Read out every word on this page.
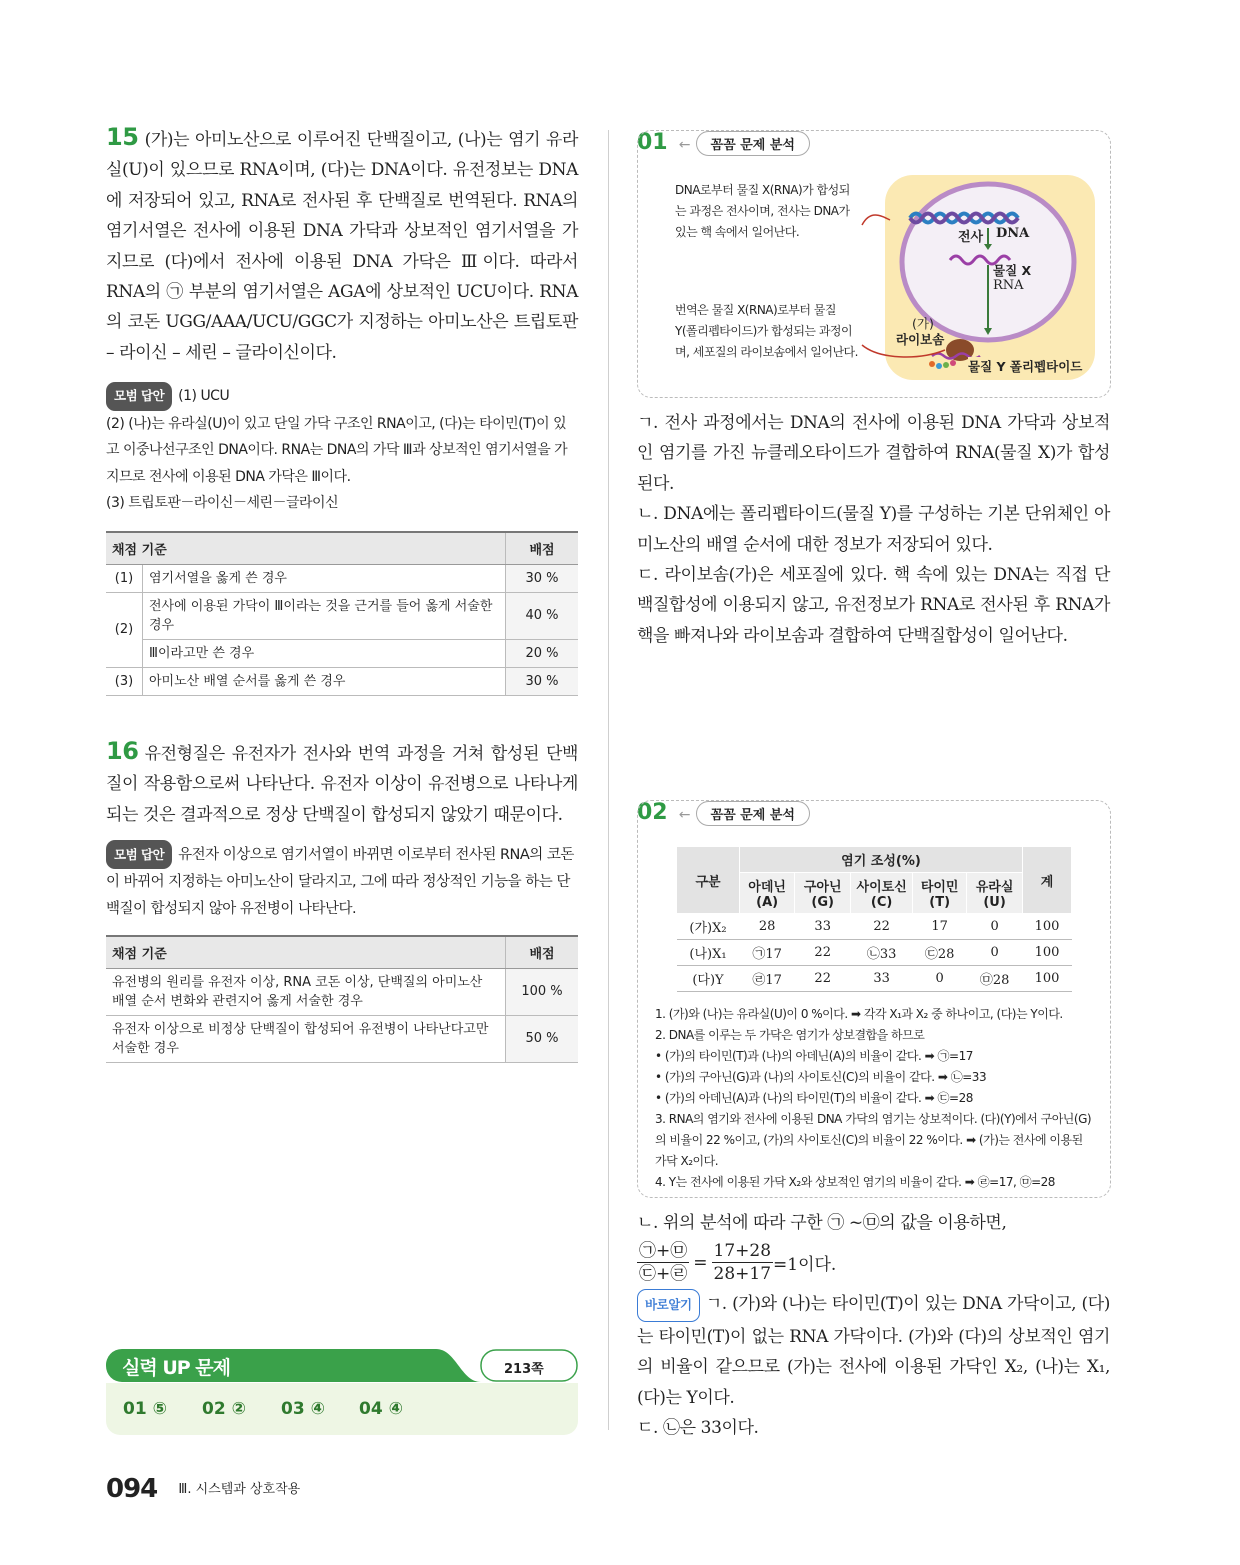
15 (가)는 아미노산으로 이루어진 단백질이고, (나)는 염기 유라실(U)이 있으므로 RNA이며, (다)는 DNA이다. 유전정보는 DNA에 저장되어 있고, RNA로 전사된 후 단백질로 번역된다. RNA의 염기서열은 전사에 이용된 DNA 가닥과 상보적인 염기서열을 가지므로 (다)에서 전사에 이용된 DNA 가닥은 Ⅲ이다. 따라서 RNA의 ㉠ 부분의 염기서열은 AGA에 상보적인 UCU이다. RNA의 코돈 UGG/AAA/UCU/GGC가 지정하는 아미노산은 트립토판 – 라이신 – 세린 – 글라이신이다.

모범 답안 (1) UCU

(2) (나)는 유라실(U)이 있고 단일 가닥 구조인 RNA이고, (다)는 타이민(T)이 있고 이중나선구조인 DNA이다. RNA는 DNA의 가닥 Ⅲ과 상보적인 염기서열을 가지므로 전사에 이용된 DNA 가닥은 Ⅲ이다.

(3) 트립토판－라이신－세린－글라이신

채점 기준		배점
(1)	염기서열을 옳게 쓴 경우	30 %
(2)	전사에 이용된 가닥이 Ⅲ이라는 것을 근거를 들어 옳게 서술한 경우	40 %
	Ⅲ이라고만 쓴 경우	20 %
(3)	아미노산 배열 순서를 옳게 쓴 경우	30 %

16 유전형질은 유전자가 전사와 번역 과정을 거쳐 합성된 단백질이 작용함으로써 나타난다. 유전자 이상이 유전병으로 나타나게 되는 것은 결과적으로 정상 단백질이 합성되지 않았기 때문이다.

모범 답안 유전자 이상으로 염기서열이 바뀌면 이로부터 전사된 RNA의 코돈이 바뀌어 지정하는 아미노산이 달라지고, 그에 따라 정상적인 기능을 하는 단백질이 합성되지 않아 유전병이 나타난다.

채점 기준	배점
유전병의 원리를 유전자 이상, RNA 코돈 이상, 단백질의 아미노산 배열 순서 변화와 관련지어 옳게 서술한 경우	100 %
유전자 이상으로 비정상 단백질이 합성되어 유전병이 나타난다고만 서술한 경우	50 %
실력 UP 문제	213쪽
01 ⑤ 02 ② 03 ④ 04 ④
01 ← 꼼꼼 문제 분석

DNA로부터 물질 X(RNA)가 합성되는 과정은 전사이며, 전사는 DNA가 있는 핵 속에서 일어난다.

번역은 물질 X(RNA)로부터 물질 Y(폴리펩타이드)가 합성되는 과정이며, 세포질의 라이보솜에서 일어난다.

전사 DNA
물질 X
RNA
(가)
라이보솜
물질 Y 폴리펩타이드

ㄱ. 전사 과정에서는 DNA의 전사에 이용된 DNA 가닥과 상보적인 염기를 가진 뉴클레오타이드가 결합하여 RNA(물질 X)가 합성된다.

ㄴ. DNA에는 폴리펩타이드(물질 Y)를 구성하는 기본 단위체인 아미노산의 배열 순서에 대한 정보가 저장되어 있다.

ㄷ. 라이보솜(가)은 세포질에 있다. 핵 속에 있는 DNA는 직접 단백질합성에 이용되지 않고, 유전정보가 RNA로 전사된 후 RNA가 핵을 빠져나와 라이보솜과 결합하여 단백질합성이 일어난다.

02 ← 꼼꼼 문제 분석
구분	염기 조성(%)					계
	아데닌 (A)	구아닌 (G)	사이토신 (C)	타이민 (T)	유라실 (U)	
(가)X₂	28	33	22	17	0	100
(나)X₁	㉠17	22	㉡33	㉢28	0	100
(다)Y	㉣17	22	33	0	㉤28	100

1. (가)와 (나)는 유라실(U)이 0 %이다. ➡ 각각 X₁과 X₂ 중 하나이고, (다)는 Y이다.

2. DNA를 이루는 두 가닥은 염기가 상보결합을 하므로

• (가)의 타이민(T)과 (나)의 아데닌(A)의 비율이 같다. ➡ ㉠=17

• (가)의 구아닌(G)과 (나)의 사이토신(C)의 비율이 같다. ➡ ㉡=33

• (가)의 아데닌(A)과 (나)의 타이민(T)의 비율이 같다. ➡ ㉢=28

3. RNA의 염기와 전사에 이용된 DNA 가닥의 염기는 상보적이다. (다)(Y)에서 구아닌(G)의 비율이 22 %이고, (가)의 사이토신(C)의 비율이 22 %이다. ➡ (가)는 전사에 이용된 가닥 X₂이다.

4. Y는 전사에 이용된 가닥 X₂와 상보적인 염기의 비율이 같다. ➡ ㉣=17, ㉤=28

ㄴ. 위의 분석에 따라 구한 ㉠ ~㉤의 값을 이용하면,

㉠+㉤
㉢+㉣
= $\frac{17+28}{28+17} =1$이다.

바로알기 ㄱ. (가)와 (나)는 타이민(T)이 있는 DNA 가닥이고, (다)는 타이민(T)이 없는 RNA 가닥이다. (가)와 (다)의 상보적인 염기의 비율이 같으므로 (가)는 전사에 이용된 가닥인 X₂, (나)는 X₁, (다)는 Y이다.

ㄷ. ㉡은 33이다.

094 $^{Ⅲ. 시스템과 상호작용}$
